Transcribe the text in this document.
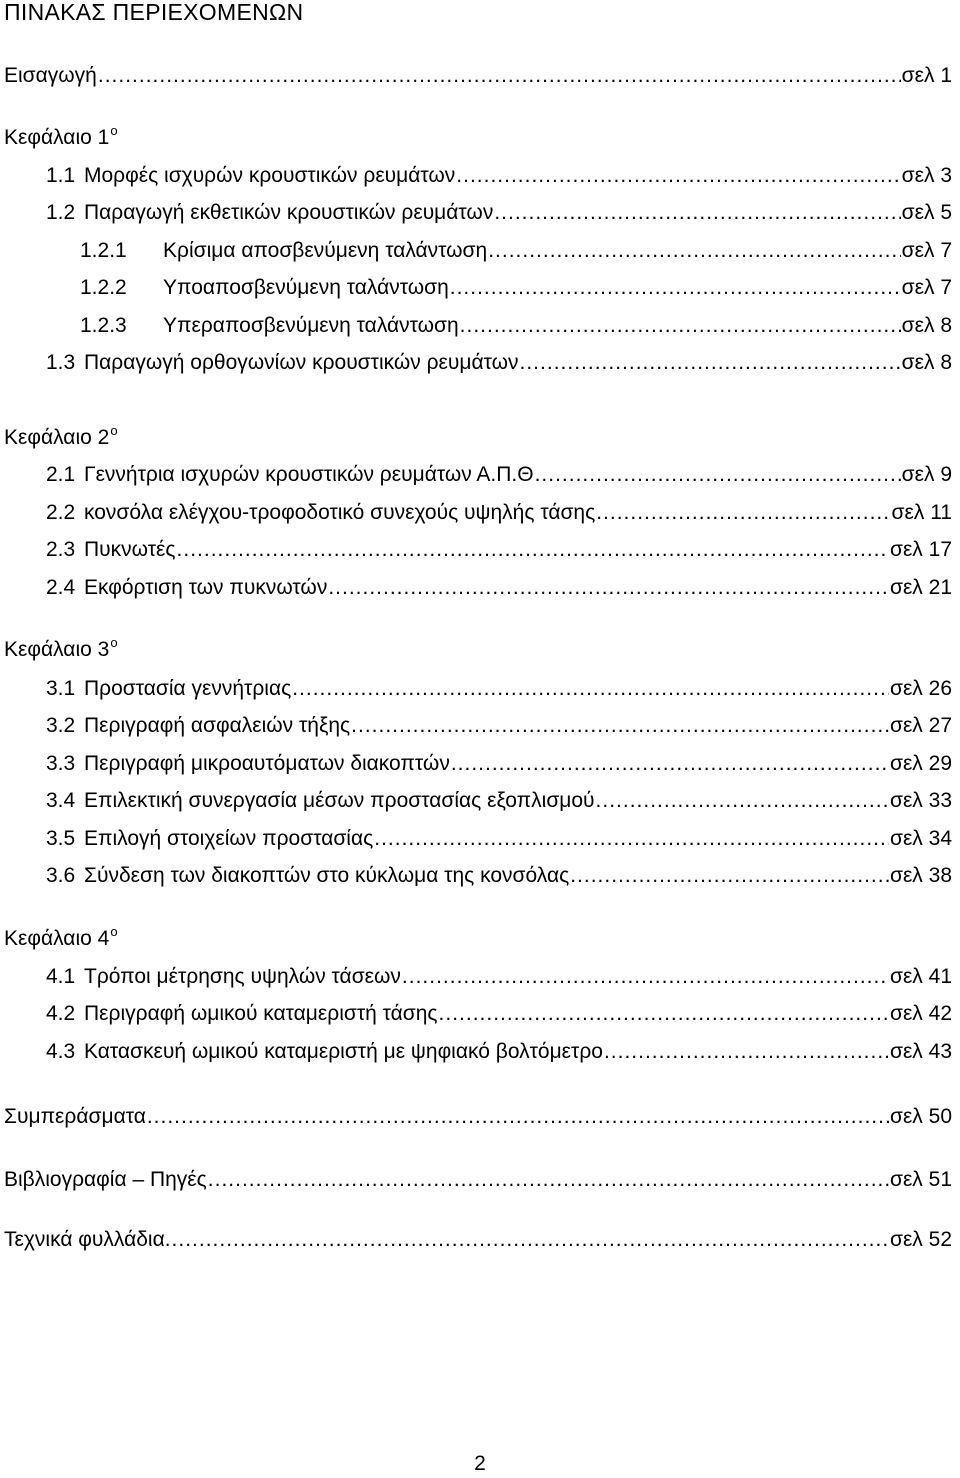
ΠΙΝΑΚΑΣ ΠΕΡΙΕΧΟΜΕΝΩΝ
Εισαγωγή .....	σελ 1
Κεφάλαιο $1^o$
1.1 Μορφές ισχυρών κρουστικών ρευμάτων .....	σελ 3
1.2 Παραγωγή εκθετικών κρουστικών ρευμάτων .....	σελ 5
1.2.1	Κρίσιμα αποσβενύμενη ταλάντωση .....	σελ 7
1.2.2	Υποαποσβενύμενη ταλάντωση .....	σελ 7
1.2.3	Υπεραποσβενύμενη ταλάντωση .....	σελ 8
1.3 Παραγωγή ορθογωνίων κρουστικών ρευμάτων .....	σελ 8
Κεφάλαιο $2^o$
2.1 Γεννήτρια ισχυρών κρουστικών ρευμάτων Α.Π.Θ .....	σελ 9
2.2 κονσόλα ελέγχου-τροφοδοτικό συνεχούς υψηλής τάσης .....	σελ 11
2.3 Πυκνωτές .....	σελ 17
2.4 Εκφόρτιση των πυκνωτών .....	σελ 21
Κεφάλαιο $3^o$
3.1 Προστασία γεννήτριας .....	σελ 26
3.2 Περιγραφή ασφαλειών τήξης .....	σελ 27
3.3 Περιγραφή μικροαυτόματων διακοπτών .....	σελ 29
3.4 Επιλεκτική συνεργασία μέσων προστασίας εξοπλισμού .....	σελ 33
3.5 Επιλογή στοιχείων προστασίας .....	σελ 34
3.6 Σύνδεση των διακοπτών στο κύκλωμα της κονσόλας .....	σελ 38
Κεφάλαιο $4^o$
4.1 Τρόποι μέτρησης υψηλών τάσεων .....	σελ 41
4.2 Περιγραφή ωμικού καταμεριστή τάσης .....	σελ 42
4.3 Κατασκευή ωμικού καταμεριστή με ψηφιακό βολτόμετρο .....	σελ 43
Συμπεράσματα .....	σελ 50
Βιβλιογραφία – Πηγές .....	σελ 51
Τεχνικά φυλλάδια. .....	σελ 52
2
